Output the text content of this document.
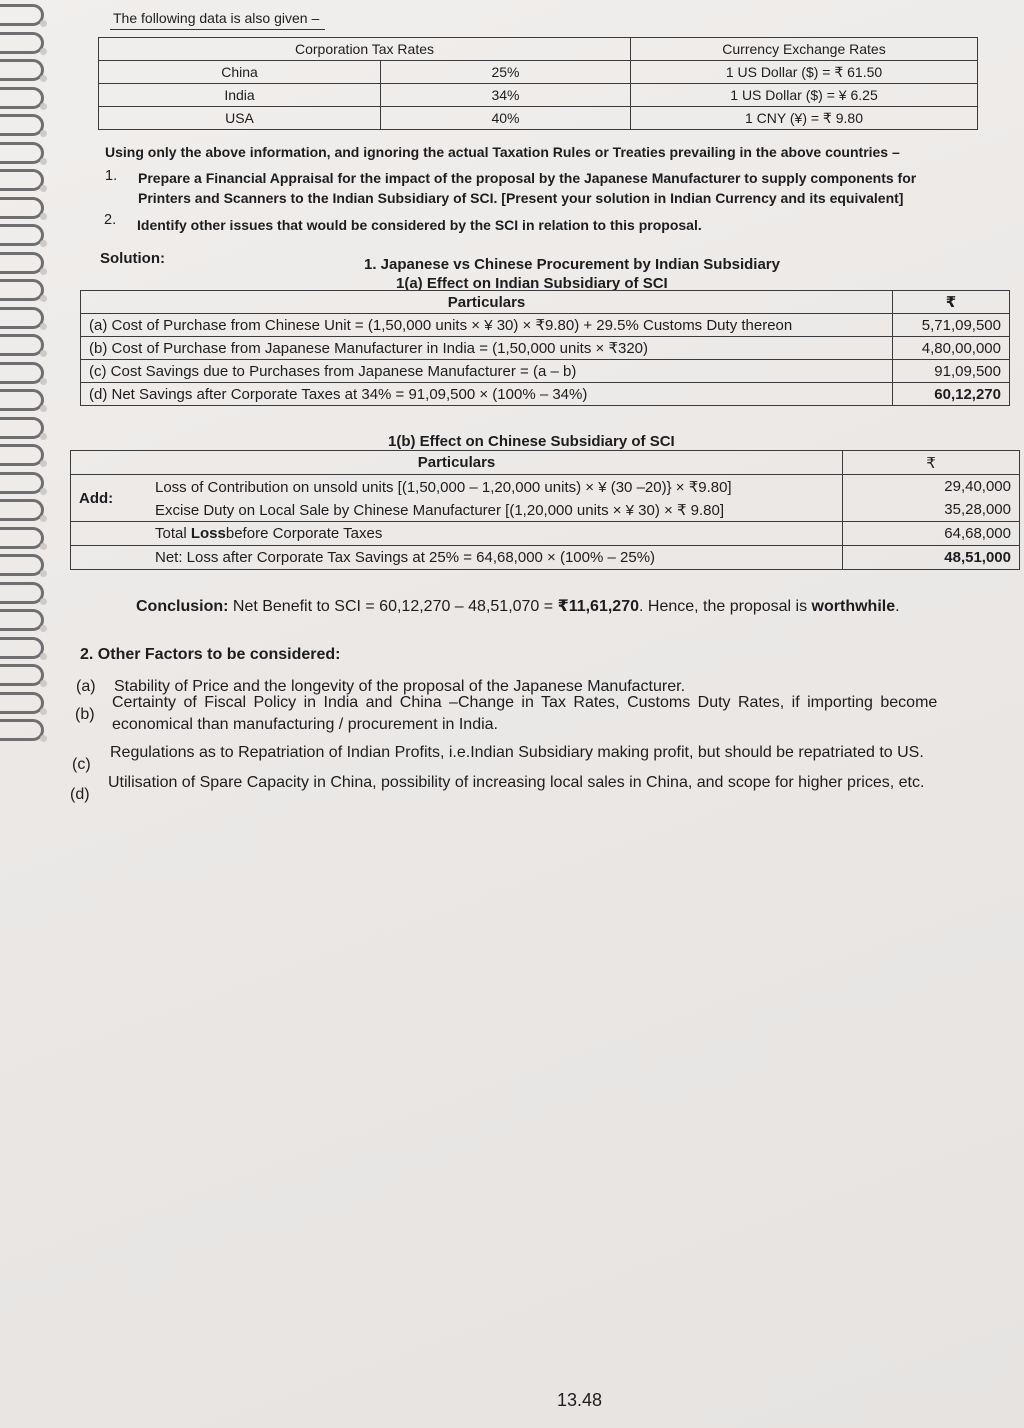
The following data is also given –
Corporation Tax Rates		Currency Exchange Rates
China	25%	1 US Dollar ($) = ₹ 61.50
India	34%	1 US Dollar ($) = ¥ 6.25
USA	40%	1 CNY (¥) = ₹ 9.80
Using only the above information, and ignoring the actual Taxation Rules or Treaties prevailing in the above countries –
1. Prepare a Financial Appraisal for the impact of the proposal by the Japanese Manufacturer to supply components for
Printers and Scanners to the Indian Subsidiary of SCI. [Present your solution in Indian Currency and its equivalent]
2. Identify other issues that would be considered by the SCI in relation to this proposal.
Solution:	1. Japanese vs Chinese Procurement by Indian Subsidiary
1(a) Effect on Indian Subsidiary of SCI
Particulars	₹
(a) Cost of Purchase from Chinese Unit = (1,50,000 units × ¥ 30) × ₹9.80) + 29.5% Customs Duty thereon	5,71,09,500
(b) Cost of Purchase from Japanese Manufacturer in India = (1,50,000 units × ₹320)	4,80,00,000
(c) Cost Savings due to Purchases from Japanese Manufacturer = (a – b)	91,09,500
(d) Net Savings after Corporate Taxes at 34% = 91,09,500 × (100% – 34%)	60,12,270
1(b) Effect on Chinese Subsidiary of SCI
Particulars		₹
Add:	Loss of Contribution on unsold units [(1,50,000 – 1,20,000 units) × ¥ (30 –20)} × ₹9.80]	29,40,000
	Excise Duty on Local Sale by Chinese Manufacturer [(1,20,000 units × ¥ 30) × ₹ 9.80]	35,28,000
	Total Lossbefore Corporate Taxes	64,68,000
	Net: Loss after Corporate Tax Savings at 25% = 64,68,000 × (100% – 25%)	48,51,000
Conclusion: Net Benefit to SCI = 60,12,270 – 48,51,070 = ₹11,61,270. Hence, the proposal is worthwhile.
2. Other Factors to be considered:
(a) Stability of Price and the longevity of the proposal of the Japanese Manufacturer.
(b)
Certainty of Fiscal Policy in India and China –Change in Tax Rates, Customs Duty Rates, if importing become
economical than manufacturing / procurement in India.
(c)
Regulations as to Repatriation of Indian Profits, i.e.Indian Subsidiary making profit, but should be repatriated to US.
(d)
Utilisation of Spare Capacity in China, possibility of increasing local sales in China, and scope for higher prices, etc.
13.48
